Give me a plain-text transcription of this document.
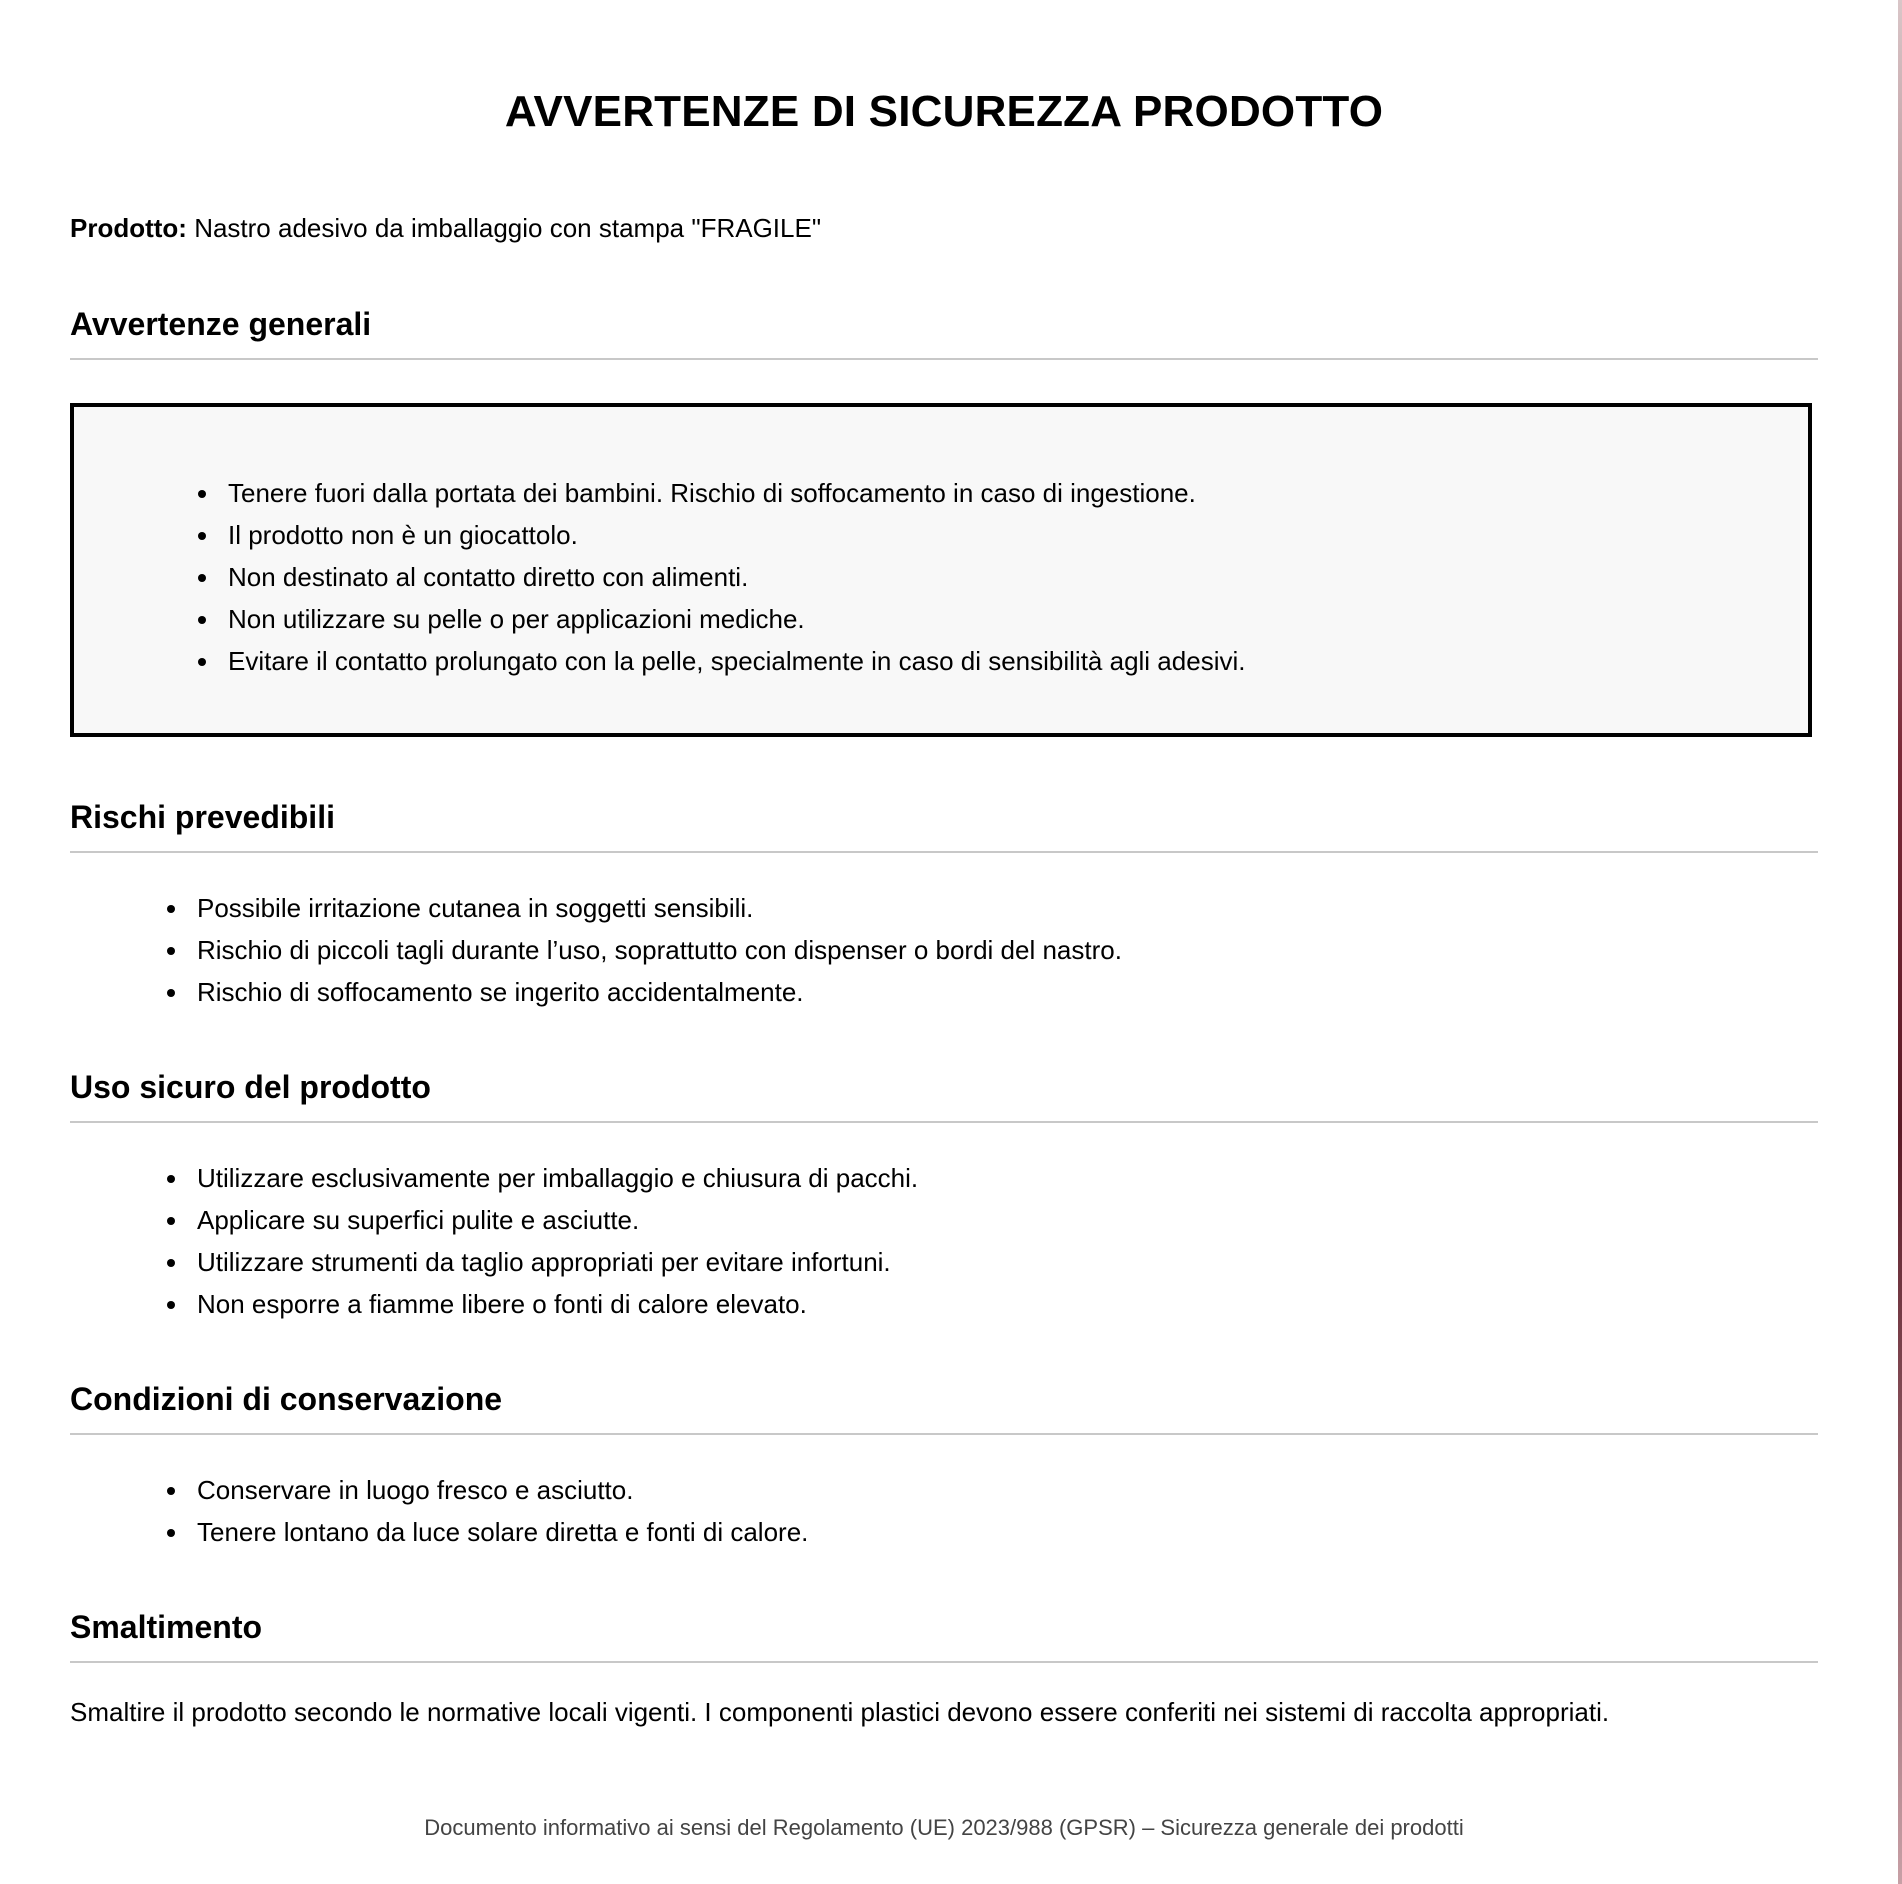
AVVERTENZE DI SICUREZZA PRODOTTO
Prodotto: Nastro adesivo da imballaggio con stampa "FRAGILE"
Avvertenze generali
Tenere fuori dalla portata dei bambini. Rischio di soffocamento in caso di ingestione.
Il prodotto non è un giocattolo.
Non destinato al contatto diretto con alimenti.
Non utilizzare su pelle o per applicazioni mediche.
Evitare il contatto prolungato con la pelle, specialmente in caso di sensibilità agli adesivi.
Rischi prevedibili
Possibile irritazione cutanea in soggetti sensibili.
Rischio di piccoli tagli durante l’uso, soprattutto con dispenser o bordi del nastro.
Rischio di soffocamento se ingerito accidentalmente.
Uso sicuro del prodotto
Utilizzare esclusivamente per imballaggio e chiusura di pacchi.
Applicare su superfici pulite e asciutte.
Utilizzare strumenti da taglio appropriati per evitare infortuni.
Non esporre a fiamme libere o fonti di calore elevato.
Condizioni di conservazione
Conservare in luogo fresco e asciutto.
Tenere lontano da luce solare diretta e fonti di calore.
Smaltimento
Smaltire il prodotto secondo le normative locali vigenti. I componenti plastici devono essere conferiti nei sistemi di raccolta appropriati.
Documento informativo ai sensi del Regolamento (UE) 2023/988 (GPSR) – Sicurezza generale dei prodotti
